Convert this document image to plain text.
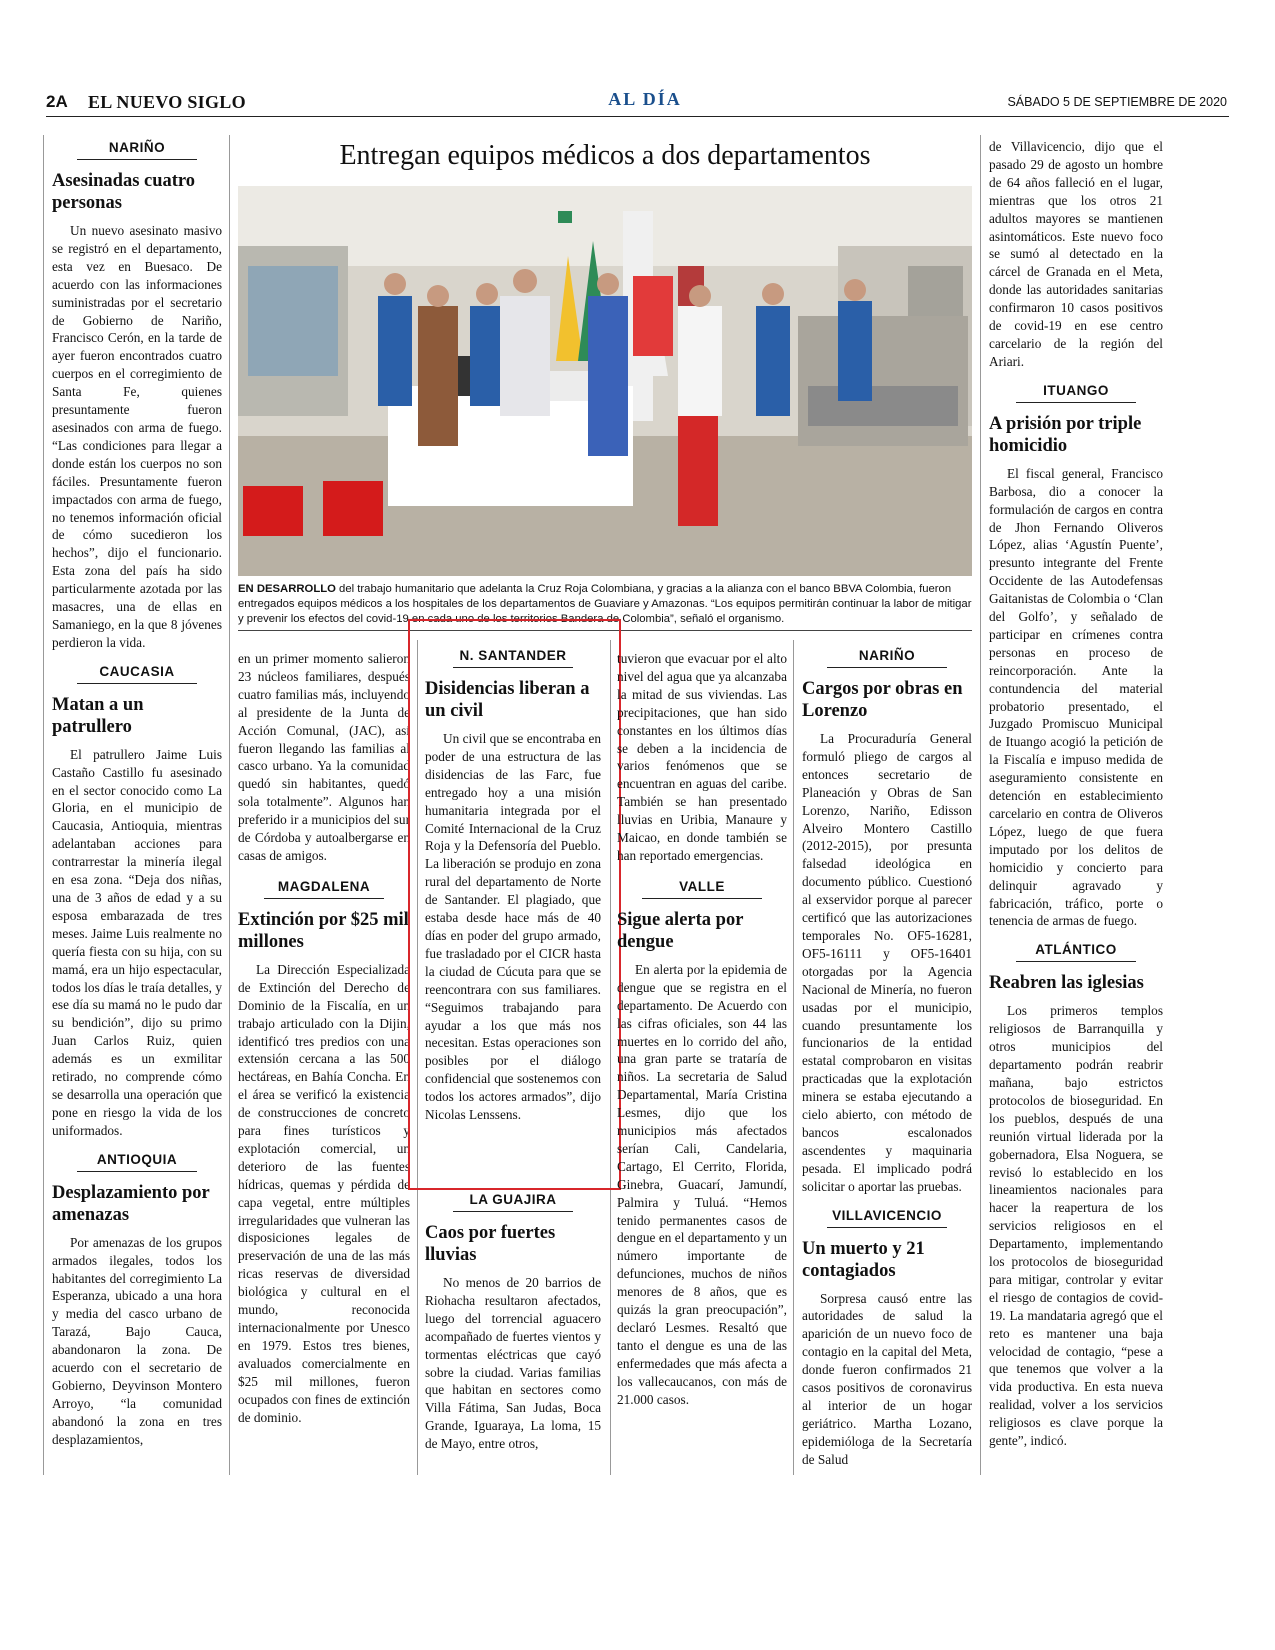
2A EL NUEVO SIGLO	AL DÍA	SÁBADO 5 DE SEPTIEMBRE DE 2020
Entregan equipos médicos a dos departamentos
EN DESARROLLO del trabajo humanitario que adelanta la Cruz Roja Colombiana, y gracias a la alianza con el banco BBVA Colombia, fueron entregados equipos médicos a los hospitales de los departamentos de Guaviare y Amazonas. “Los equipos permitirán continuar la labor de mitigar y prevenir los efectos del covid-19 en cada uno de los territorios Bandera de Colombia”, señaló el organismo.
NARIÑO
Asesinadas cuatro personas

Un nuevo asesinato masivo se registró en el departamento, esta vez en Buesaco. De acuerdo con las informaciones suministradas por el secretario de Gobierno de Nariño, Francisco Cerón, en la tarde de ayer fueron encontrados cuatro cuerpos en el corregimiento de Santa Fe, quienes presuntamente fueron asesinados con arma de fuego. “Las condiciones para llegar a donde están los cuerpos no son fáciles. Presuntamente fueron impactados con arma de fuego, no tenemos información oficial de cómo sucedieron los hechos”, dijo el funcionario. Esta zona del país ha sido particularmente azotada por las masacres, una de ellas en Samaniego, en la que 8 jóvenes perdieron la vida.

CAUCASIA
Matan a un patrullero

El patrullero Jaime Luis Castaño Castillo fu asesinado en el sector conocido como La Gloria, en el municipio de Caucasia, Antioquia, mientras adelantaban acciones para contrarrestar la minería ilegal en esa zona. “Deja dos niñas, una de 3 años de edad y a su esposa embarazada de tres meses. Jaime Luis realmente no quería fiesta con su hija, con su mamá, era un hijo espectacular, todos los días le traía detalles, y ese día su mamá no le pudo dar su bendición”, dijo su primo Juan Carlos Ruiz, quien además es un exmilitar retirado, no comprende cómo se desarrolla una operación que pone en riesgo la vida de los uniformados.

ANTIOQUIA
Desplazamiento por amenazas

Por amenazas de los grupos armados ilegales, todos los habitantes del corregimiento La Esperanza, ubicado a una hora y media del casco urbano de Tarazá, Bajo Cauca, abandonaron la zona. De acuerdo con el secretario de Gobierno, Deyvinson Montero Arroyo, “la comunidad abandonó la zona en tres desplazamientos,

en un primer momento salieron 23 núcleos familiares, después cuatro familias más, incluyendo al presidente de la Junta de Acción Comunal, (JAC), así fueron llegando las familias al casco urbano. Ya la comunidad quedó sin habitantes, quedó sola totalmente”. Algunos han preferido ir a municipios del sur de Córdoba y autoalbergarse en casas de amigos.

MAGDALENA
Extinción por $25 mil millones

La Dirección Especializada de Extinción del Derecho de Dominio de la Fiscalía, en un trabajo articulado con la Dijin, identificó tres predios con una extensión cercana a las 500 hectáreas, en Bahía Concha. En el área se verificó la existencia de construcciones de concreto para fines turísticos y explotación comercial, un deterioro de las fuentes hídricas, quemas y pérdida de capa vegetal, entre múltiples irregularidades que vulneran las disposiciones legales de preservación de una de las más ricas reservas de diversidad biológica y cultural en el mundo, reconocida internacionalmente por Unesco en 1979. Estos tres bienes, avaluados comercialmente en $25 mil millones, fueron ocupados con fines de extinción de dominio.

N. SANTANDER
Disidencias liberan a un civil

Un civil que se encontraba en poder de una estructura de las disidencias de las Farc, fue entregado hoy a una misión humanitaria integrada por el Comité Internacional de la Cruz Roja y la Defensoría del Pueblo. La liberación se produjo en zona rural del departamento de Norte de Santander. El plagiado, que estaba desde hace más de 40 días en poder del grupo armado, fue trasladado por el CICR hasta la ciudad de Cúcuta para que se reencontrara con sus familiares. “Seguimos trabajando para ayudar a los que más nos necesitan. Estas operaciones son posibles por el diálogo confidencial que sostenemos con todos los actores armados”, dijo Nicolas Lenssens.

LA GUAJIRA
Caos por fuertes lluvias

No menos de 20 barrios de Riohacha resultaron afectados, luego del torrencial aguacero acompañado de fuertes vientos y tormentas eléctricas que cayó sobre la ciudad. Varias familias que habitan en sectores como Villa Fátima, San Judas, Boca Grande, Iguaraya, La loma, 15 de Mayo, entre otros,

tuvieron que evacuar por el alto nivel del agua que ya alcanzaba la mitad de sus viviendas. Las precipitaciones, que han sido constantes en los últimos días se deben a la incidencia de varios fenómenos que se encuentran en aguas del caribe. También se han presentado lluvias en Uribia, Manaure y Maicao, en donde también se han reportado emergencias.

VALLE
Sigue alerta por dengue

En alerta por la epidemia de dengue que se registra en el departamento. De Acuerdo con las cifras oficiales, son 44 las muertes en lo corrido del año, una gran parte se trataría de niños. La secretaria de Salud Departamental, María Cristina Lesmes, dijo que los municipios más afectados serían Cali, Candelaria, Cartago, El Cerrito, Florida, Ginebra, Guacarí, Jamundí, Palmira y Tuluá. “Hemos tenido permanentes casos de dengue en el departamento y un número importante de defunciones, muchos de niños menores de 8 años, que es quizás la gran preocupación”, declaró Lesmes. Resaltó que tanto el dengue es una de las enfermedades que más afecta a los vallecaucanos, con más de 21.000 casos.

NARIÑO
Cargos por obras en Lorenzo

La Procuraduría General formuló pliego de cargos al entonces secretario de Planeación y Obras de San Lorenzo, Nariño, Edisson Alveiro Montero Castillo (2012-2015), por presunta falsedad ideológica en documento público. Cuestionó al exservidor porque al parecer certificó que las autorizaciones temporales No. OF5-16281, OF5-16111 y OF5-16401 otorgadas por la Agencia Nacional de Minería, no fueron usadas por el municipio, cuando presuntamente los funcionarios de la entidad estatal comprobaron en visitas practicadas que la explotación minera se estaba ejecutando a cielo abierto, con método de bancos escalonados ascendentes y maquinaria pesada. El implicado podrá solicitar o aportar las pruebas.

VILLAVICENCIO
Un muerto y 21 contagiados

Sorpresa causó entre las autoridades de salud la aparición de un nuevo foco de contagio en la capital del Meta, donde fueron confirmados 21 casos positivos de coronavirus al interior de un hogar geriátrico. Martha Lozano, epidemióloga de la Secretaría de Salud

de Villavicencio, dijo que el pasado 29 de agosto un hombre de 64 años falleció en el lugar, mientras que los otros 21 adultos mayores se mantienen asintomáticos. Este nuevo foco se sumó al detectado en la cárcel de Granada en el Meta, donde las autoridades sanitarias confirmaron 10 casos positivos de covid-19 en ese centro carcelario de la región del Ariari.

ITUANGO
A prisión por triple homicidio

El fiscal general, Francisco Barbosa, dio a conocer la formulación de cargos en contra de Jhon Fernando Oliveros López, alias ‘Agustín Puente’, presunto integrante del Frente Occidente de las Autodefensas Gaitanistas de Colombia o ‘Clan del Golfo’, y señalado de participar en crímenes contra personas en proceso de reincorporación. Ante la contundencia del material probatorio presentado, el Juzgado Promiscuo Municipal de Ituango acogió la petición de la Fiscalía e impuso medida de aseguramiento consistente en detención en establecimiento carcelario en contra de Oliveros López, luego de que fuera imputado por los delitos de homicidio y concierto para delinquir agravado y fabricación, tráfico, porte o tenencia de armas de fuego.

ATLÁNTICO
Reabren las iglesias

Los primeros templos religiosos de Barranquilla y otros municipios del departamento podrán reabrir mañana, bajo estrictos protocolos de bioseguridad. En los pueblos, después de una reunión virtual liderada por la gobernadora, Elsa Noguera, se revisó lo establecido en los lineamientos nacionales para hacer la reapertura de los servicios religiosos en el Departamento, implementando los protocolos de bioseguridad para mitigar, controlar y evitar el riesgo de contagios de covid-19. La mandataria agregó que el reto es mantener una baja velocidad de contagio, “pese a que tenemos que volver a la vida productiva. En esta nueva realidad, volver a los servicios religiosos es clave porque la gente”, indicó.
